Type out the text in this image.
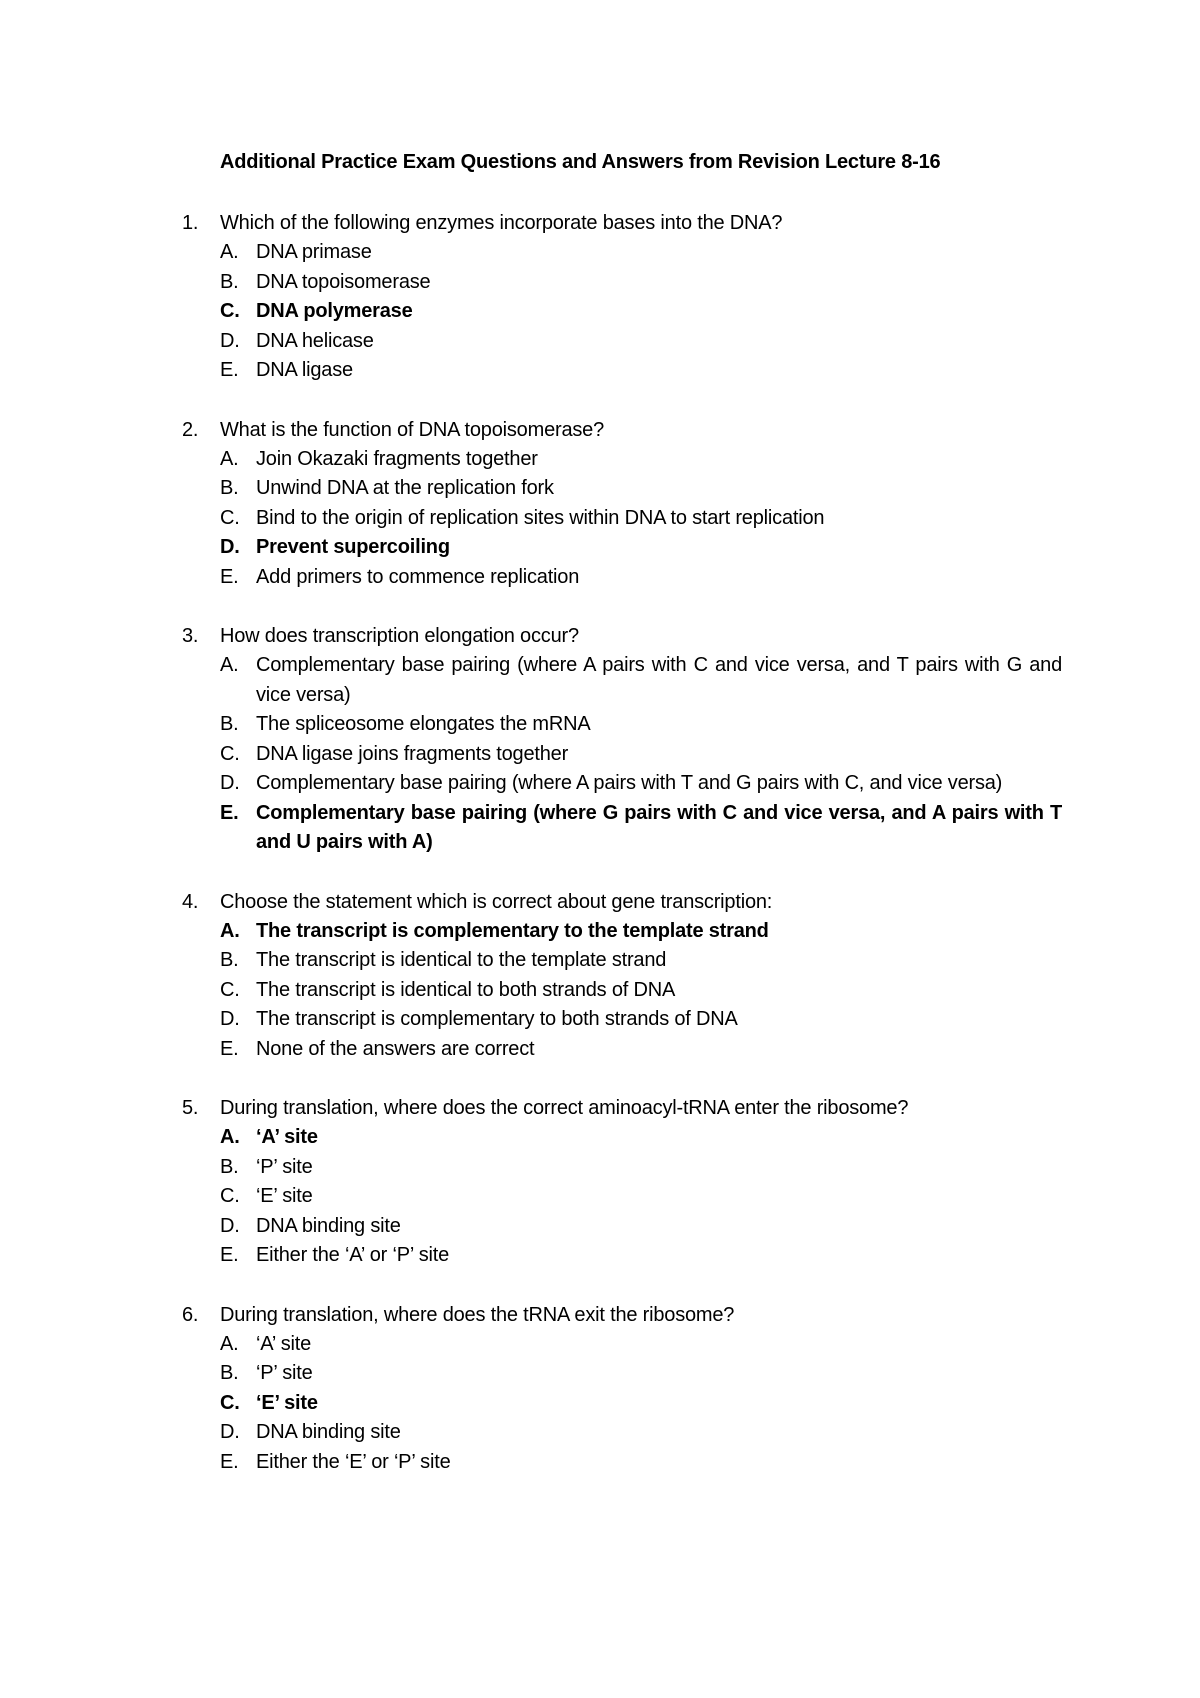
Additional Practice Exam Questions and Answers from Revision Lecture 8-16
1.	Which of the following enzymes incorporate bases into the DNA?
A. DNA primase
B. DNA topoisomerase
C. DNA polymerase
D. DNA helicase
E. DNA ligase
2.	What is the function of DNA topoisomerase?
A. Join Okazaki fragments together
B. Unwind DNA at the replication fork
C. Bind to the origin of replication sites within DNA to start replication
D. Prevent supercoiling
E. Add primers to commence replication
3.	How does transcription elongation occur?
A. Complementary base pairing (where A pairs with C and vice versa, and T pairs with G and vice versa)
B. The spliceosome elongates the mRNA
C. DNA ligase joins fragments together
D. Complementary base pairing (where A pairs with T and G pairs with C, and vice versa)
E. Complementary base pairing (where G pairs with C and vice versa, and A pairs with T and U pairs with A)
4.	Choose the statement which is correct about gene transcription:
A. The transcript is complementary to the template strand
B. The transcript is identical to the template strand
C. The transcript is identical to both strands of DNA
D. The transcript is complementary to both strands of DNA
E. None of the answers are correct
5.	During translation, where does the correct aminoacyl-tRNA enter the ribosome?
A. ‘A’ site
B. ‘P’ site
C. ‘E’ site
D. DNA binding site
E. Either the ‘A’ or ‘P’ site
6.	During translation, where does the tRNA exit the ribosome?
A. ‘A’ site
B. ‘P’ site
C. ‘E’ site
D. DNA binding site
E. Either the ‘E’ or ‘P’ site
